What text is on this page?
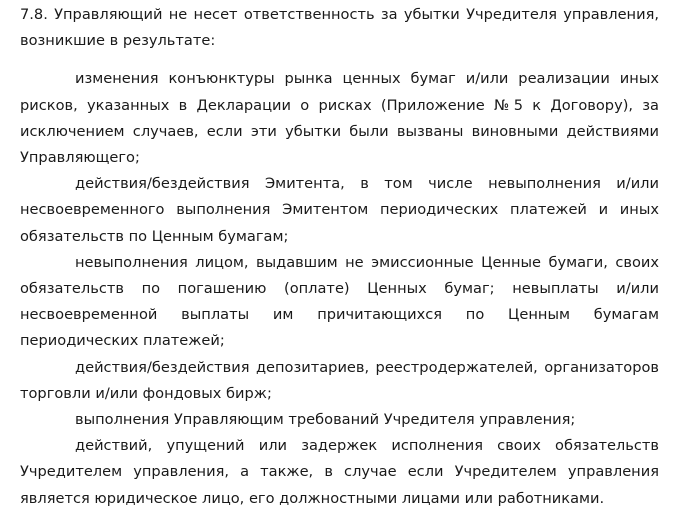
7.8. Управляющий не несет ответственность за убытки Учредителя управления, возникшие в результате:

изменения конъюнктуры рынка ценных бумаг и/или реализации иных рисков, указанных в Декларации о рисках (Приложение №5 к Договору), за исключением случаев, если эти убытки были вызваны виновными действиями Управляющего;

действия/бездействия Эмитента, в том числе невыполнения и/или несвоевременного выполнения Эмитентом периодических платежей и иных обязательств по Ценным бумагам;

невыполнения лицом, выдавшим не эмиссионные Ценные бумаги, своих обязательств по погашению (оплате) Ценных бумаг; невыплаты и/или несвоевременной выплаты им причитающихся по Ценным бумагам периодических платежей;

действия/бездействия депозитариев, реестродержателей, организаторов торговли и/или фондовых бирж;

выполнения Управляющим требований Учредителя управления;

действий, упущений или задержек исполнения своих обязательств Учредителем управления, а также, в случае если Учредителем управления является юридическое лицо, его должностными лицами или работниками.
